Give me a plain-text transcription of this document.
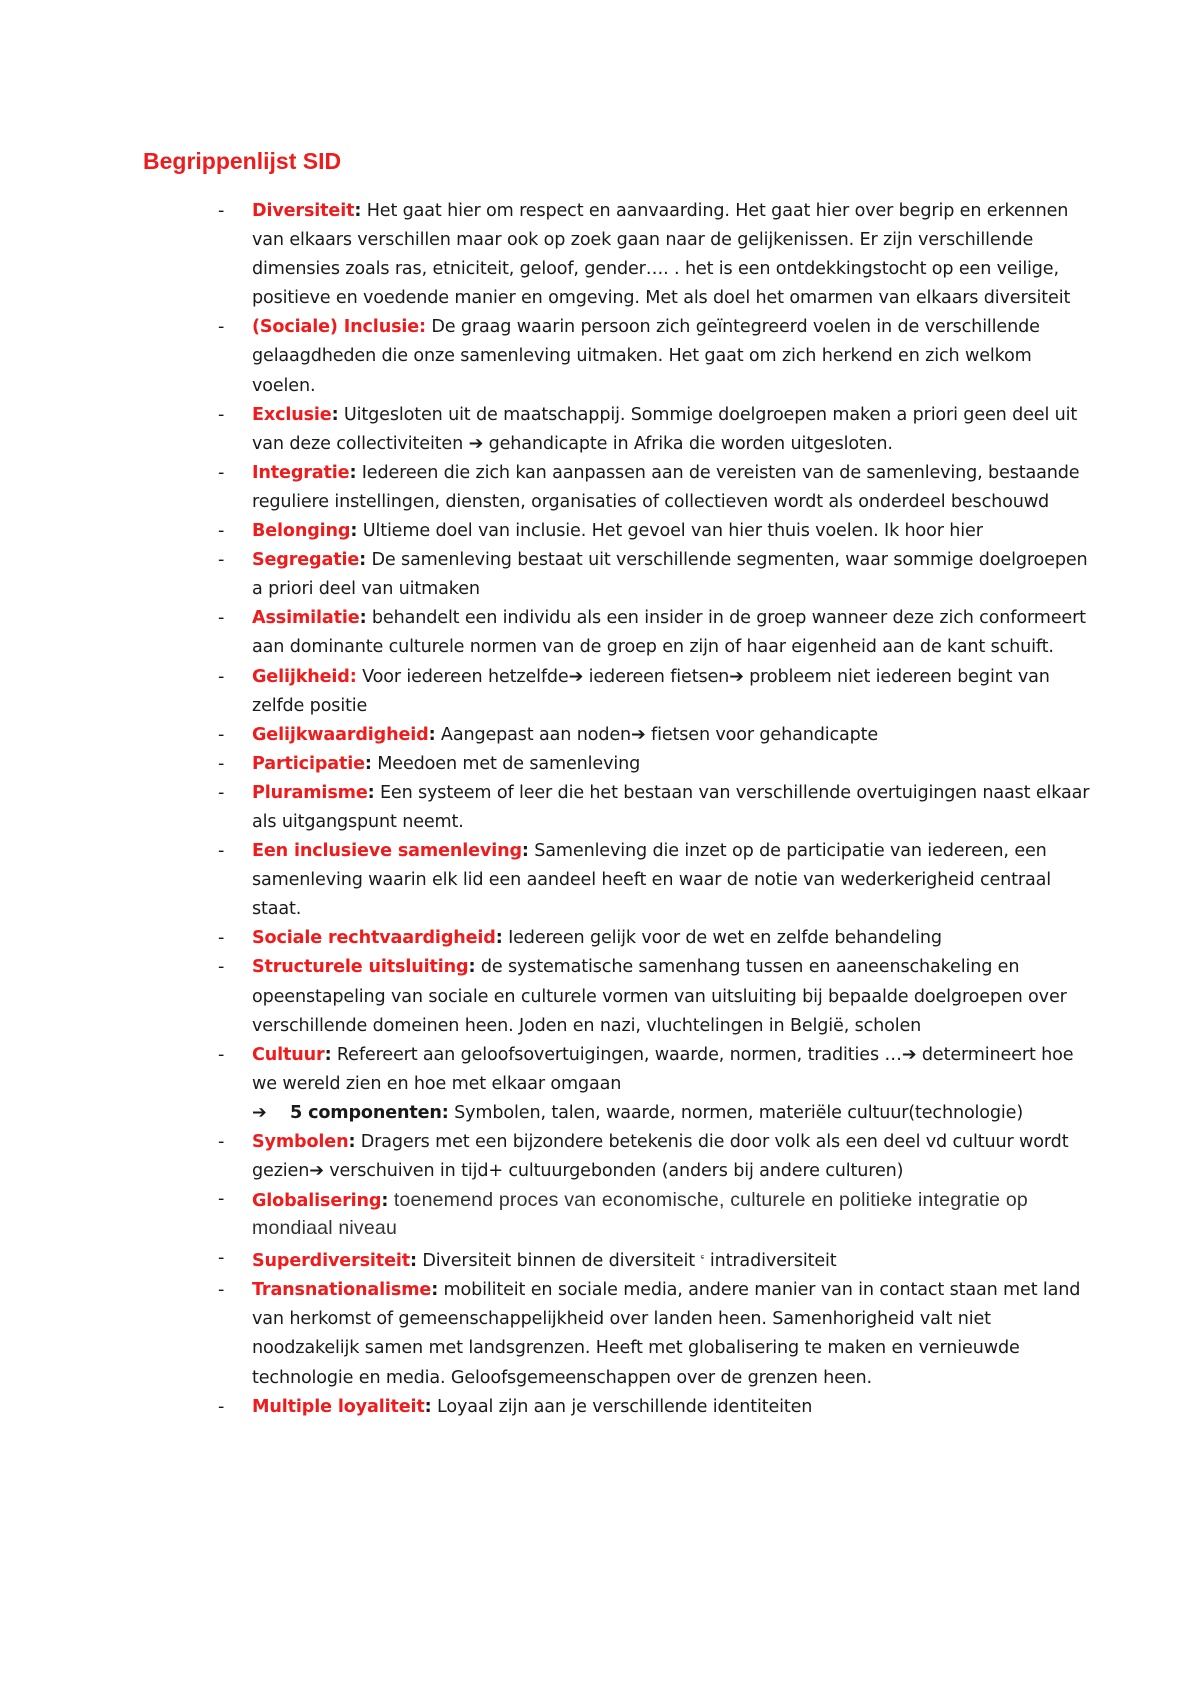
Begrippenlijst SID
- Diversiteit: Het gaat hier om respect en aanvaarding. Het gaat hier over begrip en erkennen van elkaars verschillen maar ook op zoek gaan naar de gelijkenissen. Er zijn verschillende dimensies zoals ras, etniciteit, geloof, gender…. . het is een ontdekkingstocht op een veilige, positieve en voedende manier en omgeving. Met als doel het omarmen van elkaars diversiteit
- (Sociale) Inclusie: De graag waarin persoon zich geïntegreerd voelen in de verschillende gelaagdheden die onze samenleving uitmaken. Het gaat om zich herkend en zich welkom voelen.
- Exclusie: Uitgesloten uit de maatschappij. Sommige doelgroepen maken a priori geen deel uit van deze collectiviteiten ➔ gehandicapte in Afrika die worden uitgesloten.
- Integratie: Iedereen die zich kan aanpassen aan de vereisten van de samenleving, bestaande reguliere instellingen, diensten, organisaties of collectieven wordt als onderdeel beschouwd
- Belonging: Ultieme doel van inclusie. Het gevoel van hier thuis voelen. Ik hoor hier
- Segregatie: De samenleving bestaat uit verschillende segmenten, waar sommige doelgroepen a priori deel van uitmaken
- Assimilatie: behandelt een individu als een insider in de groep wanneer deze zich conformeert aan dominante culturele normen van de groep en zijn of haar eigenheid aan de kant schuift.
- Gelijkheid: Voor iedereen hetzelfde➔ iedereen fietsen➔ probleem niet iedereen begint van zelfde positie
- Gelijkwaardigheid: Aangepast aan noden➔ fietsen voor gehandicapte
- Participatie: Meedoen met de samenleving
- Pluramisme: Een systeem of leer die het bestaan van verschillende overtuigingen naast elkaar als uitgangspunt neemt.
- Een inclusieve samenleving: Samenleving die inzet op de participatie van iedereen, een samenleving waarin elk lid een aandeel heeft en waar de notie van wederkerigheid centraal staat.
- Sociale rechtvaardigheid: Iedereen gelijk voor de wet en zelfde behandeling
- Structurele uitsluiting: de systematische samenhang tussen en aaneenschakeling en opeenstapeling van sociale en culturele vormen van uitsluiting bij bepaalde doelgroepen over verschillende domeinen heen. Joden en nazi, vluchtelingen in België, scholen
- Cultuur: Refereert aan geloofsovertuigingen, waarde, normen, tradities …➔ determineert hoe we wereld zien en hoe met elkaar omgaan
➔ 5 componenten: Symbolen, talen, waarde, normen, materiële cultuur(technologie)
- Symbolen: Dragers met een bijzondere betekenis die door volk als een deel vd cultuur wordt gezien➔ verschuiven in tijd+ cultuurgebonden (anders bij andere culturen)
- Globalisering: toenemend proces van economische, culturele en politieke integratie op mondiaal niveau
- Superdiversiteit: Diversiteit binnen de diversiteit $^ᶝ$ intradiversiteit
- Transnationalisme: mobiliteit en sociale media, andere manier van in contact staan met land van herkomst of gemeenschappelijkheid over landen heen. Samenhorigheid valt niet noodzakelijk samen met landsgrenzen. Heeft met globalisering te maken en vernieuwde technologie en media. Geloofsgemeenschappen over de grenzen heen.
- Multiple loyaliteit: Loyaal zijn aan je verschillende identiteiten
